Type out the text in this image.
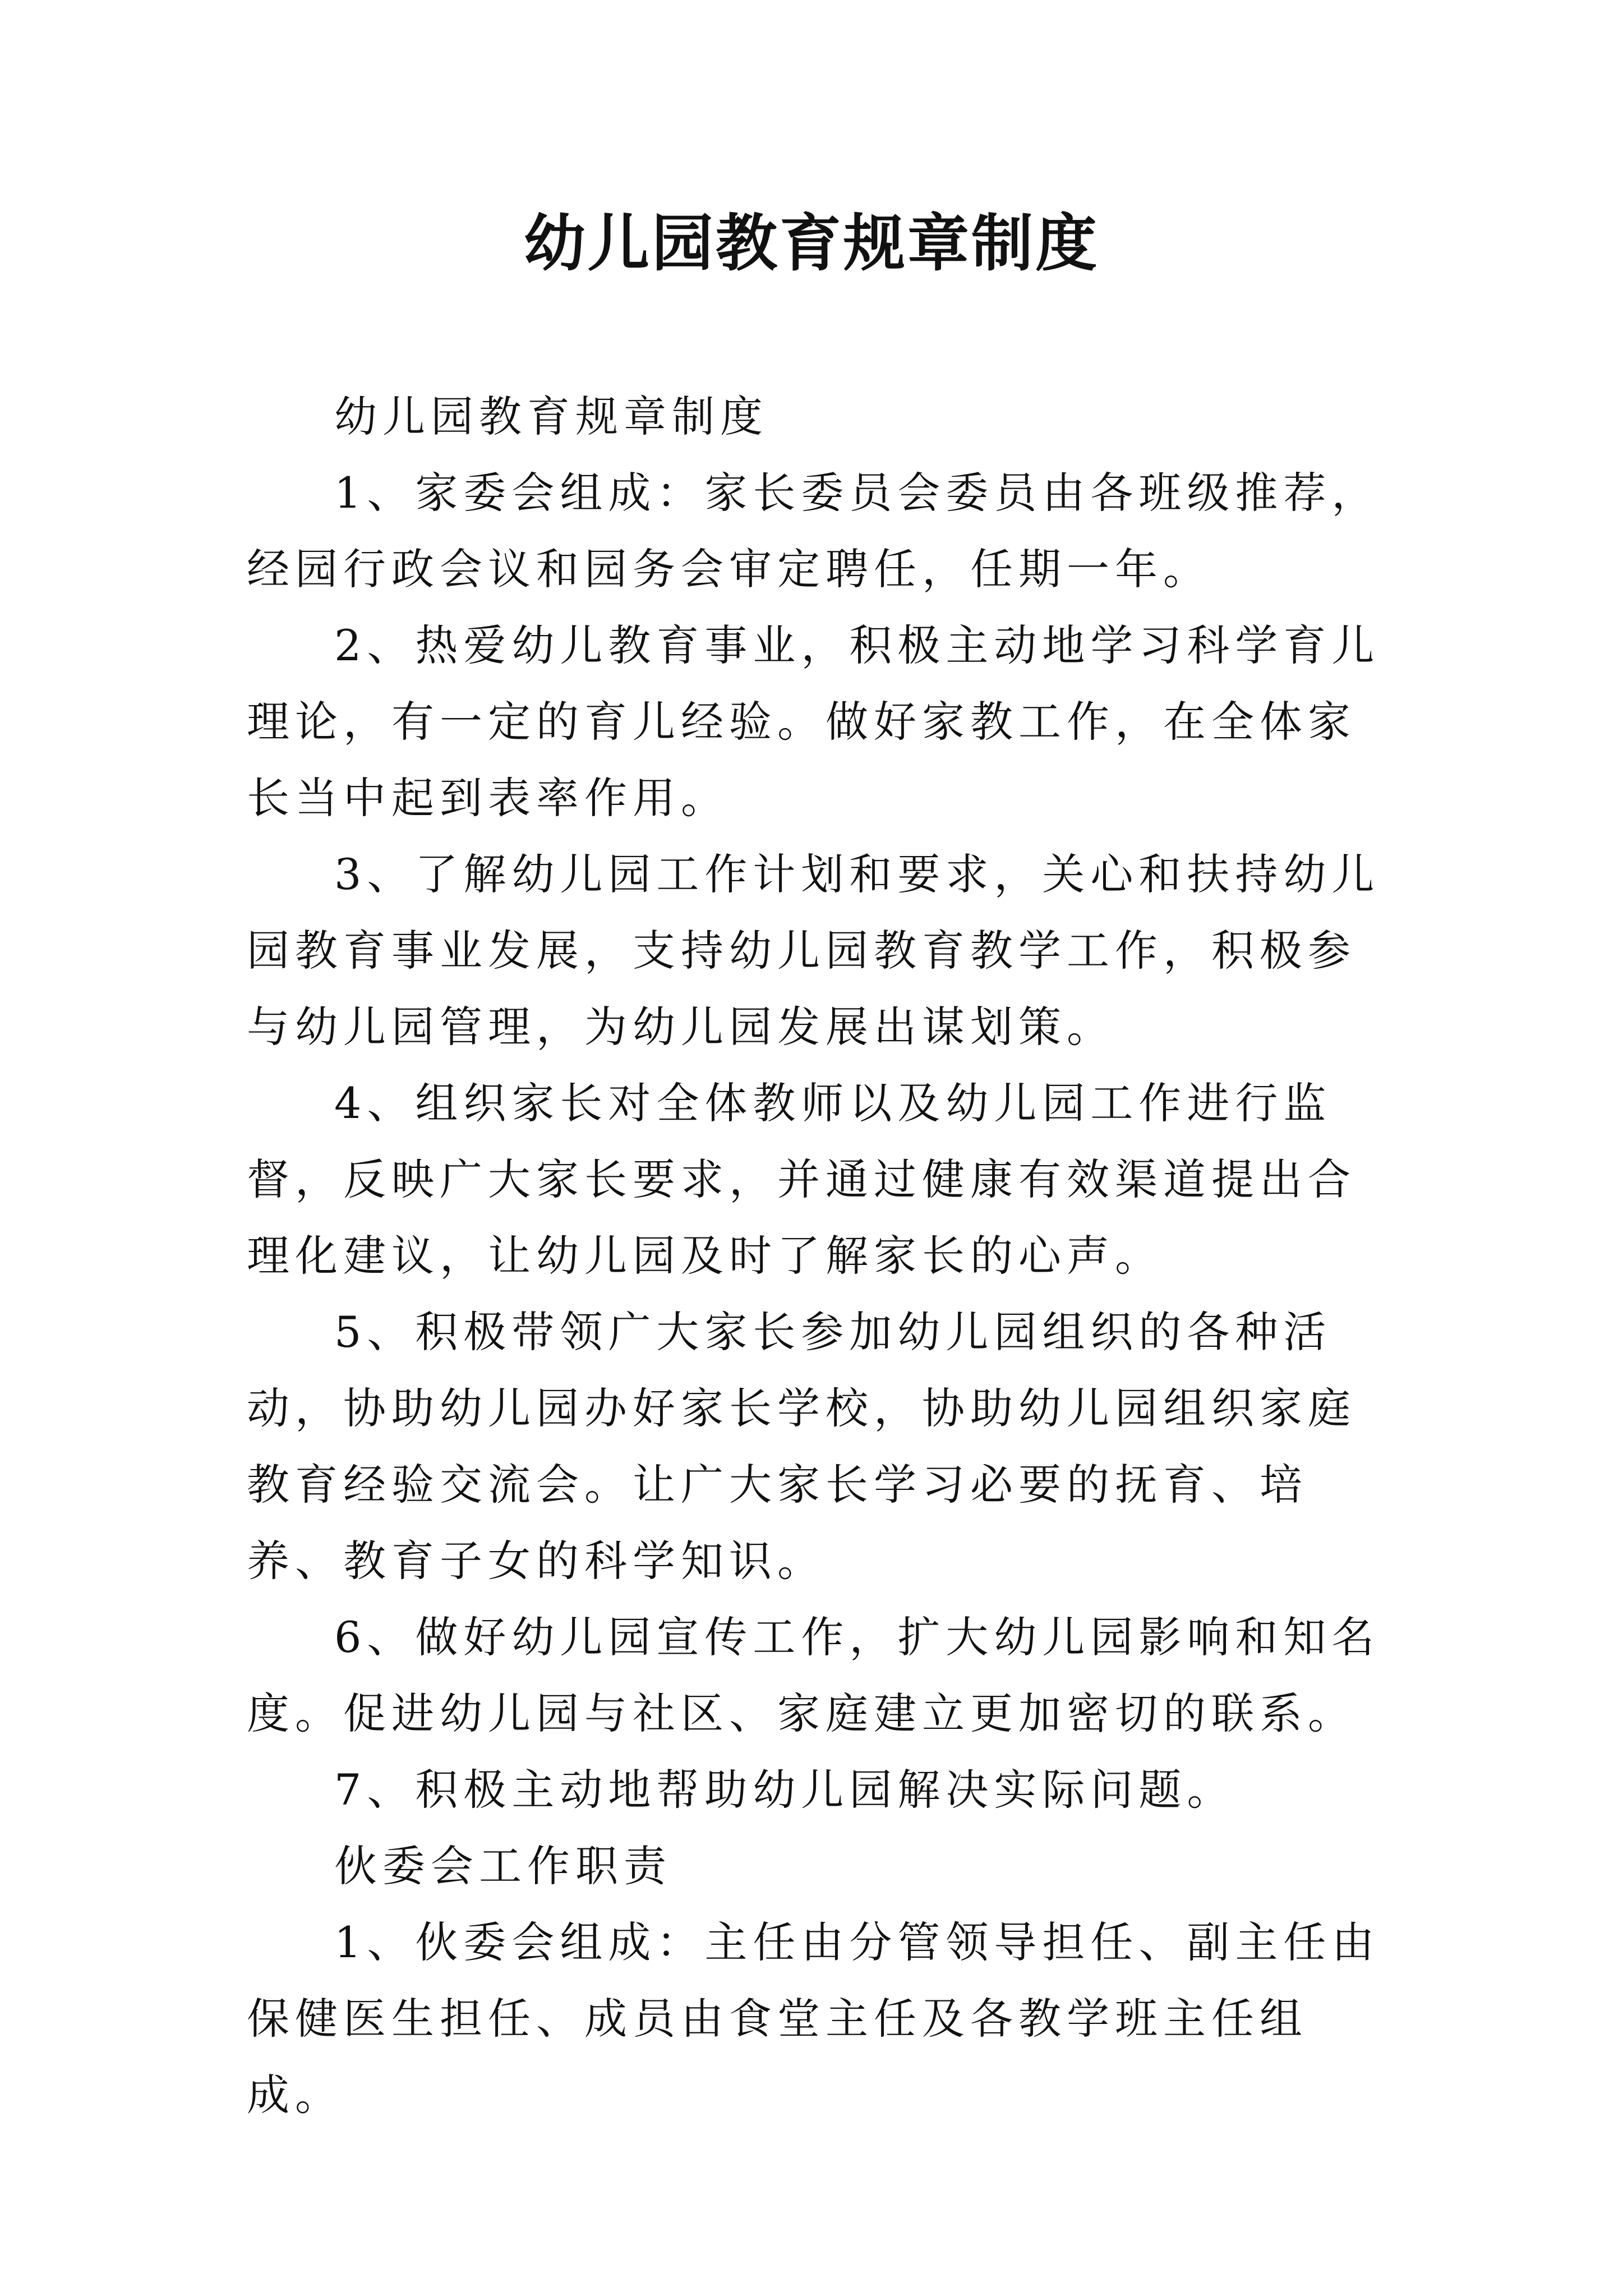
幼儿园教育规章制度

幼儿园教育规章制度

1、家委会组成：家长委员会委员由各班级推荐，经园行政会议和园务会审定聘任，任期一年。

2、热爱幼儿教育事业，积极主动地学习科学育儿理论，有一定的育儿经验。做好家教工作，在全体家长当中起到表率作用。

3、了解幼儿园工作计划和要求，关心和扶持幼儿园教育事业发展，支持幼儿园教育教学工作，积极参与幼儿园管理，为幼儿园发展出谋划策。

4、组织家长对全体教师以及幼儿园工作进行监督，反映广大家长要求，并通过健康有效渠道提出合理化建议，让幼儿园及时了解家长的心声。

5、积极带领广大家长参加幼儿园组织的各种活动，协助幼儿园办好家长学校，协助幼儿园组织家庭教育经验交流会。让广大家长学习必要的抚育、培养、教育子女的科学知识。

6、做好幼儿园宣传工作，扩大幼儿园影响和知名度。促进幼儿园与社区、家庭建立更加密切的联系。

7、积极主动地帮助幼儿园解决实际问题。

伙委会工作职责

1、伙委会组成：主任由分管领导担任、副主任由保健医生担任、成员由食堂主任及各教学班主任组成。
